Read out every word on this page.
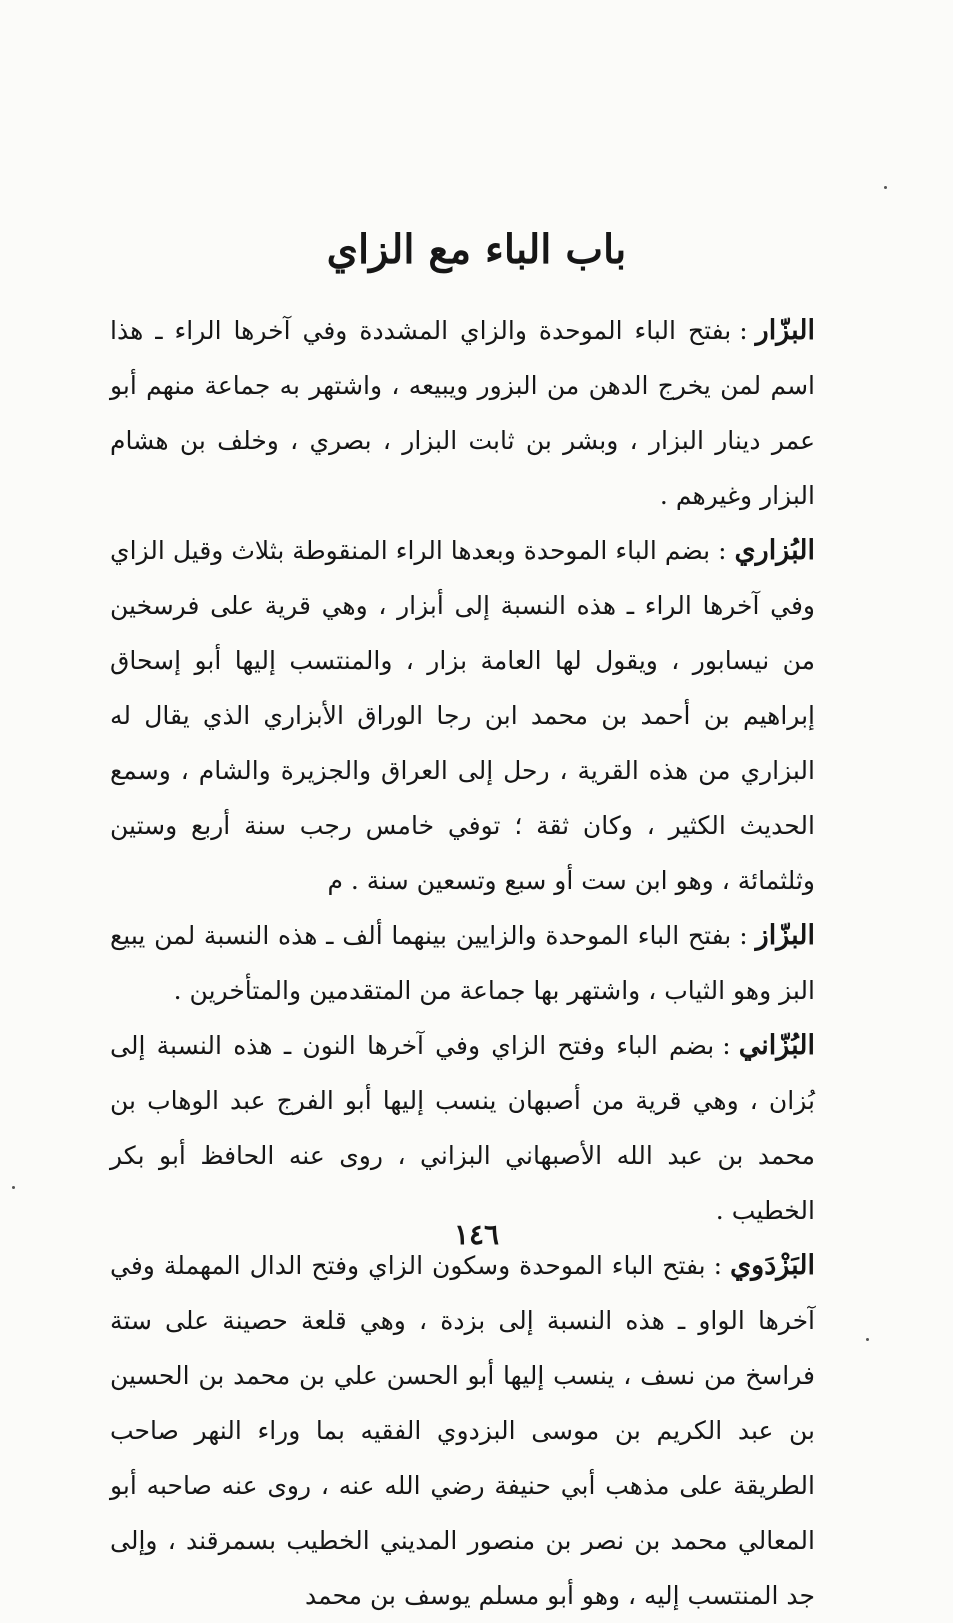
باب الباء مع الزاي

البزّار:بفتح الباء الموحدة والزاي المشددة وفي آخرها الراء ـ هذا اسم لمن يخرج الدهن من البزور ويبيعه ، واشتهر به جماعة منهم أبو عمر دينار البزار ، وبشر بن ثابت البزار ، بصري ، وخلف بن هشام البزار وغيرهم .

البُزاري:بضم الباء الموحدة وبعدها الراء المنقوطة بثلاث وقيل الزاي وفي آخرها الراء ـ هذه النسبة إلى أبزار ، وهي قرية على فرسخين من نيسابور ، ويقول لها العامة بزار ، والمنتسب إليها أبو إسحاق إبراهيم بن أحمد بن محمد ابن رجا الوراق الأبزاري الذي يقال له البزاري من هذه القرية ، رحل إلى العراق والجزيرة والشام ، وسمع الحديث الكثير ، وكان ثقة ؛ توفي خامس رجب سنة أربع وستين وثلثمائة ، وهو ابن ست أو سبع وتسعين سنة . م

البزّاز:بفتح الباء الموحدة والزايين بينهما ألف ـ هذه النسبة لمن يبيع البز وهو الثياب ، واشتهر بها جماعة من المتقدمين والمتأخرين .

البُزّاني:بضم الباء وفتح الزاي وفي آخرها النون ـ هذه النسبة إلى بُزان ، وهي قرية من أصبهان ينسب إليها أبو الفرج عبد الوهاب بن محمد بن عبد الله الأصبهاني البزاني ، روى عنه الحافظ أبو بكر الخطيب .

البَزْدَوي:بفتح الباء الموحدة وسكون الزاي وفتح الدال المهملة وفي آخرها الواو ـ هذه النسبة إلى بزدة ، وهي قلعة حصينة على ستة فراسخ من نسف ، ينسب إليها أبو الحسن علي بن محمد بن الحسين بن عبد الكريم بن موسى البزدوي الفقيه بما وراء النهر صاحب الطريقة على مذهب أبي حنيفة رضي الله عنه ، روى عنه صاحبه أبو المعالي محمد بن نصر بن منصور المديني الخطيب بسمرقند ، وإلى جد المنتسب إليه ، وهو أبو مسلم يوسف بن محمد

١٤٦
